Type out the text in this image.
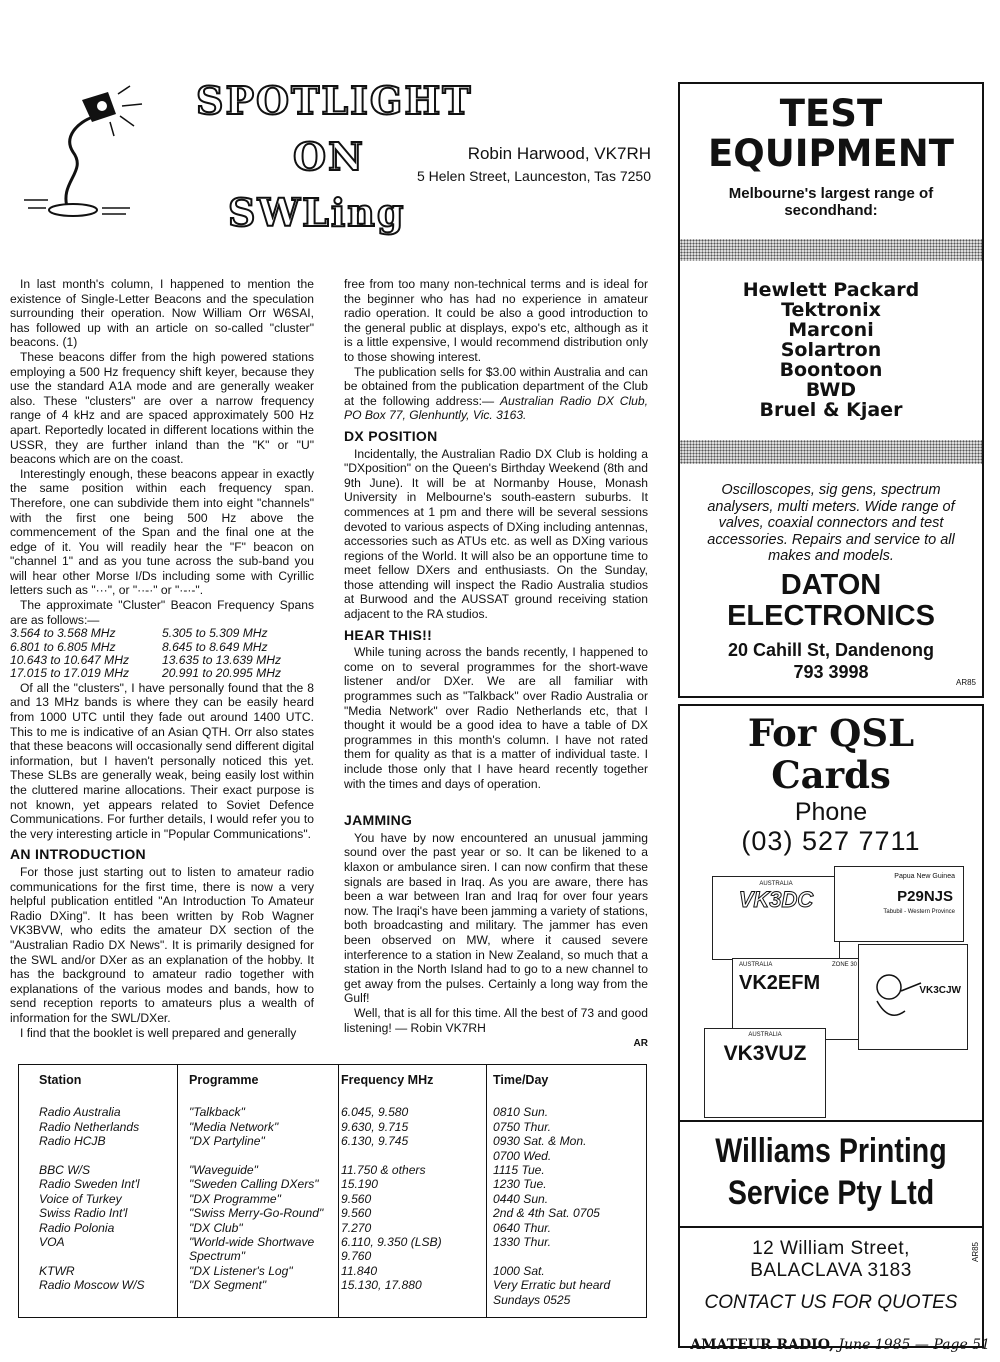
SPOTLIGHT
ON
SWLing
Robin Harwood, VK7RH
5 Helen Street, Launceston, Tas 7250

In last month's column, I happened to mention the existence of Single-Letter Beacons and the speculation surrounding their operation. Now William Orr W6SAI, has followed up with an article on so-called "cluster" beacons. (1)

These beacons differ from the high powered stations employing a 500 Hz frequency shift keyer, because they use the standard A1A mode and are generally weaker also. These "clusters" are over a narrow frequency range of 4 kHz and are spaced approximately 500 Hz apart. Reportedly located in different locations within the USSR, they are further inland than the "K" or "U" beacons which are on the coast.

Interestingly enough, these beacons appear in exactly the same position within each frequency span. Therefore, one can subdivide them into eight "channels" with the first one being 500 Hz above the commencement of the Span and the final one at the edge of it. You will readily hear the "F" beacon on "channel 1" and as you tune across the sub-band you will hear other Morse I/Ds including some with Cyrillic letters such as "···", or "··-·" or "·-·-".

The approximate "Cluster" Beacon Frequency Spans are as follows:—

3.564 to 3.568 MHz	5.305 to 5.309 MHz
6.801 to 6.805 MHz	8.645 to 8.649 MHz
10.643 to 10.647 MHz	13.635 to 13.639 MHz
17.015 to 17.019 MHz	20.991 to 20.995 MHz

Of all the "clusters", I have personally found that the 8 and 13 MHz bands is where they can be easily heard from 1000 UTC until they fade out around 1400 UTC. This to me is indicative of an Asian QTH. Orr also states that these beacons will occasionally send different digital information, but I haven't personally noticed this yet. These SLBs are generally weak, being easily lost within the cluttered marine allocations. Their exact purpose is not known, yet appears related to Soviet Defence Communications. For further details, I would refer you to the very interesting article in "Popular Communications".

AN INTRODUCTION

For those just starting out to listen to amateur radio communications for the first time, there is now a very helpful publication entitled "An Introduction To Amateur Radio DXing". It has been written by Rob Wagner VK3BVW, who edits the amateur DX section of the "Australian Radio DX News". It is primarily designed for the SWL and/or DXer as an explanation of the hobby. It has the background to amateur radio together with explanations of the various modes and bands, how to send reception reports to amateurs plus a wealth of information for the SWL/DXer.

I find that the booklet is well prepared and generally

free from too many non-technical terms and is ideal for the beginner who has had no experience in amateur radio operation. It could be also a good introduction to the general public at displays, expo's etc, although as it is a little expensive, I would recommend distribution only to those showing interest.

The publication sells for $3.00 within Australia and can be obtained from the publication department of the Club at the following address:— Australian Radio DX Club, PO Box 77, Glenhuntly, Vic. 3163.

DX POSITION

Incidentally, the Australian Radio DX Club is holding a "DXposition" on the Queen's Birthday Weekend (8th and 9th June). It will be at Normanby House, Monash University in Melbourne's south-eastern suburbs. It commences at 1 pm and there will be several sessions devoted to various aspects of DXing including antennas, accessories such as ATUs etc. as well as DXing various regions of the World. It will also be an opportune time to meet fellow DXers and enthusiasts. On the Sunday, those attending will inspect the Radio Australia studios at Burwood and the AUSSAT ground receiving station adjacent to the RA studios.

HEAR THIS!!

While tuning across the bands recently, I happened to come on to several programmes for the short-wave listener and/or DXer. We are all familiar with programmes such as "Talkback" over Radio Australia or "Media Network" over Radio Netherlands etc, that I thought it would be a good idea to have a table of DX programmes in this month's column. I have not rated them for quality as that is a matter of individual taste. I include those only that I have heard recently together with the times and days of operation.

JAMMING

You have by now encountered an unusual jamming sound over the past year or so. It can be likened to a klaxon or ambulance siren. I can now confirm that these signals are based in Iraq. As you are aware, there has been a war between Iran and Iraq for over four years now. The Iraqi's have been jamming a variety of stations, both broadcasting and military. The jammer has even been observed on MW, where it caused severe interference to a station in New Zealand, so much that a station in the North Island had to go to a new channel to get away from the pulses. Certainly a long way from the Gulf!

Well, that is all for this time. All the best of 73 and good listening! — Robin VK7RH

AR
Station	Programme	Frequency MHz	Time/Day

Radio Australia	"Talkback"	6.045, 9.580	0810 Sun.
Radio Netherlands	"Media Network"	9.630, 9.715	0750 Thur.
Radio HCJB	"DX Partyline"	6.130, 9.745	0930 Sat. & Mon.
			0700 Wed.
BBC W/S	"Waveguide"	11.750 & others	1115 Tue.
Radio Sweden Int'l	"Sweden Calling DXers"	15.190	1230 Tue.
Voice of Turkey	"DX Programme"	9.560	0440 Sun.
Swiss Radio Int'l	"Swiss Merry-Go-Round"	9.560	2nd & 4th Sat. 0705
Radio Polonia	"DX Club"	7.270	0640 Thur.
VOA	"World-wide Shortwave	6.110, 9.350 (LSB)	1330 Thur.
	Spectrum"	9.760	
KTWR	"DX Listener's Log"	11.840	1000 Sat.
Radio Moscow W/S	"DX Segment"	15.130, 17.880	Very Erratic but heard
			Sundays 0525
TEST
EQUIPMENT
Melbourne's largest range of
secondhand:
Hewlett Packard
Tektronix
Marconi
Solartron
Boontoon
BWD
Bruel & Kjaer
Oscilloscopes, sig gens, spectrum analysers, multi meters. Wide range of valves, coaxial connectors and test accessories. Repairs and service to all makes and models.
DATON
ELECTRONICS
20 Cahill St, Dandenong
793 3998
AR85
For QSL
Cards
Phone
(03) 527 7711
AUSTRALIA
VK3DC
Papua New Guinea
P29NJS
Tabubil - Western Province
AUSTRALIA	ZONE 30
VK2EFM	VK3CJW
AUSTRALIA
VK3VUZ
Williams Printing
Service Pty Ltd
12 William Street,
BALACLAVA 3183
AR85
CONTACT US FOR QUOTES
AMATEUR RADIO, June 1985 — Page 51
